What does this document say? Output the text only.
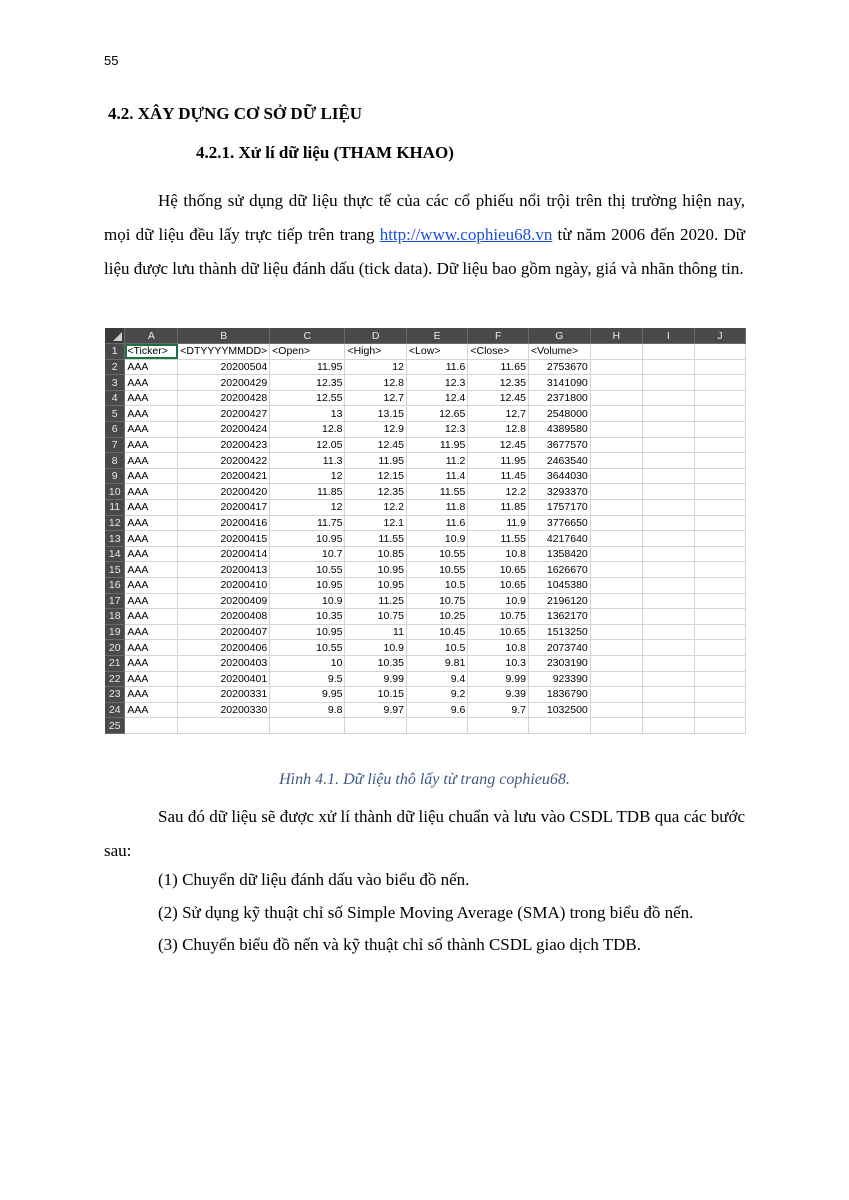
55
4.2. XÂY DỰNG CƠ SỞ DỮ LIỆU
4.2.1. Xử lí dữ liệu (THAM KHAO)
Hệ thống sử dụng dữ liệu thực tế của các cổ phiếu nổi trội trên thị trường hiện nay, mọi dữ liệu đều lấy trực tiếp trên trang http://www.cophieu68.vn từ năm 2006 đến 2020. Dữ liệu được lưu thành dữ liệu đánh dấu (tick data). Dữ liệu bao gồm ngày, giá và nhãn thông tin.
	A	B	C	D	E	F	G	H	I	J
1	<Ticker>	<DTYYYYMMDD>	<Open>	<High>	<Low>	<Close>	<Volume>			
2	AAA	20200504	11.95	12	11.6	11.65	2753670			
3	AAA	20200429	12.35	12.8	12.3	12.35	3141090			
4	AAA	20200428	12.55	12.7	12.4	12.45	2371800			
5	AAA	20200427	13	13.15	12.65	12.7	2548000			
6	AAA	20200424	12.8	12.9	12.3	12.8	4389580			
7	AAA	20200423	12.05	12.45	11.95	12.45	3677570			
8	AAA	20200422	11.3	11.95	11.2	11.95	2463540			
9	AAA	20200421	12	12.15	11.4	11.45	3644030			
10	AAA	20200420	11.85	12.35	11.55	12.2	3293370			
11	AAA	20200417	12	12.2	11.8	11.85	1757170			
12	AAA	20200416	11.75	12.1	11.6	11.9	3776650			
13	AAA	20200415	10.95	11.55	10.9	11.55	4217640			
14	AAA	20200414	10.7	10.85	10.55	10.8	1358420			
15	AAA	20200413	10.55	10.95	10.55	10.65	1626670			
16	AAA	20200410	10.95	10.95	10.5	10.65	1045380			
17	AAA	20200409	10.9	11.25	10.75	10.9	2196120			
18	AAA	20200408	10.35	10.75	10.25	10.75	1362170			
19	AAA	20200407	10.95	11	10.45	10.65	1513250			
20	AAA	20200406	10.55	10.9	10.5	10.8	2073740			
21	AAA	20200403	10	10.35	9.81	10.3	2303190			
22	AAA	20200401	9.5	9.99	9.4	9.99	923390			
23	AAA	20200331	9.95	10.15	9.2	9.39	1836790			
24	AAA	20200330	9.8	9.97	9.6	9.7	1032500			
25										
Hình 4.1. Dữ liệu thô lấy từ trang cophieu68.
Sau đó dữ liệu sẽ được xử lí thành dữ liệu chuẩn và lưu vào CSDL TDB qua các bước sau:
(1) Chuyển dữ liệu đánh dấu vào biểu đồ nến.
(2) Sử dụng kỹ thuật chỉ số Simple Moving Average (SMA) trong biểu đồ nến.
(3) Chuyển biểu đồ nến và kỹ thuật chỉ số thành CSDL giao dịch TDB.
